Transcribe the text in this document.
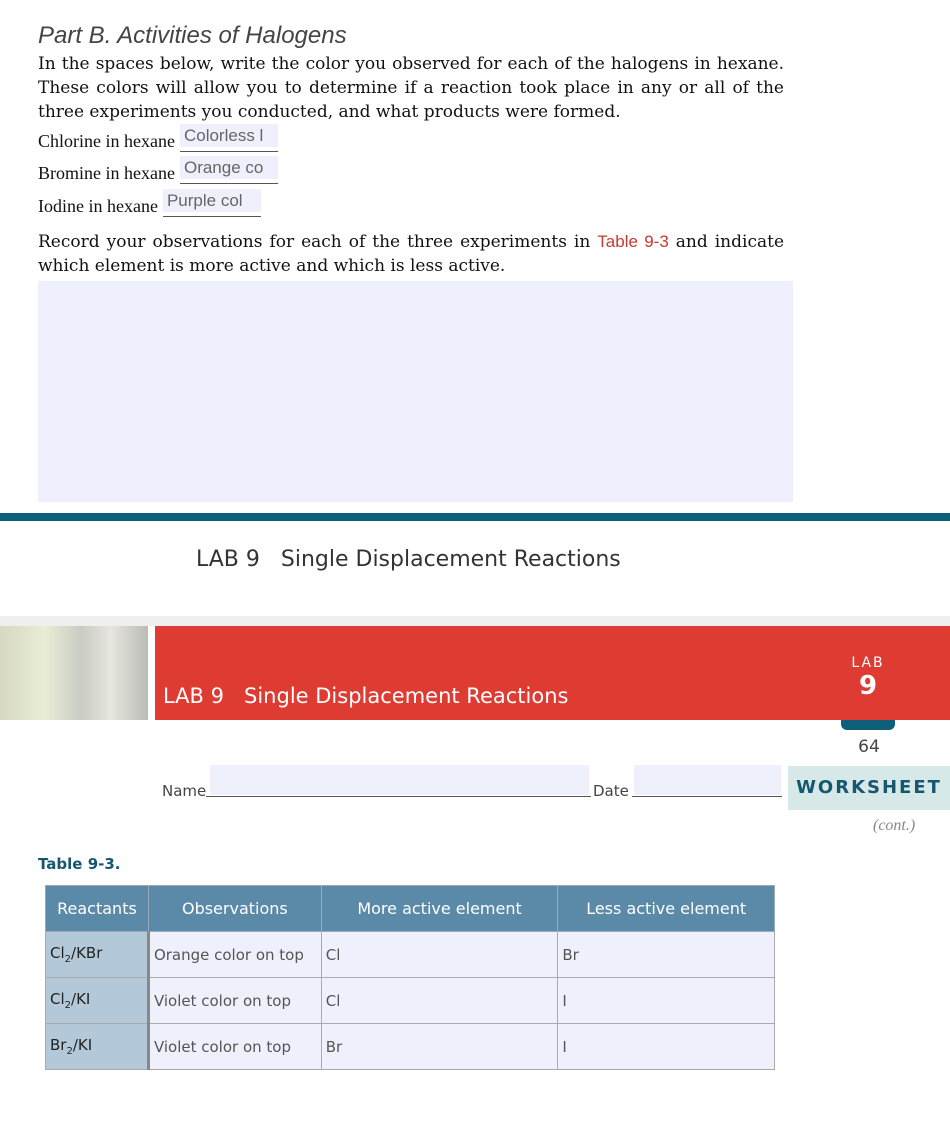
Part B. Activities of Halogens
In the spaces below, write the color you observed for each of the halogens in hexane. These colors will allow you to determine if a reaction took place in any or all of the three experiments you conducted, and what products were formed.
Chlorine in hexane Colorless l
Bromine in hexane Orange co
Iodine in hexane Purple col
Record your observations for each of the three experiments in Table 9-3 and indicate which element is more active and which is less active.
LAB 9   Single Displacement Reactions
LAB 9   Single Displacement Reactions
LAB
9
64
Name	Date	WORKSHEET
(cont.)
Table 9-3.
Reactants	Observations	More active element	Less active element
$Cl_2$/KBr	Orange color on top	Cl	Br
$Cl_2/KI$	Violet color on top	Cl	I
$Br_2/KI$	Violet color on top	Br	I
